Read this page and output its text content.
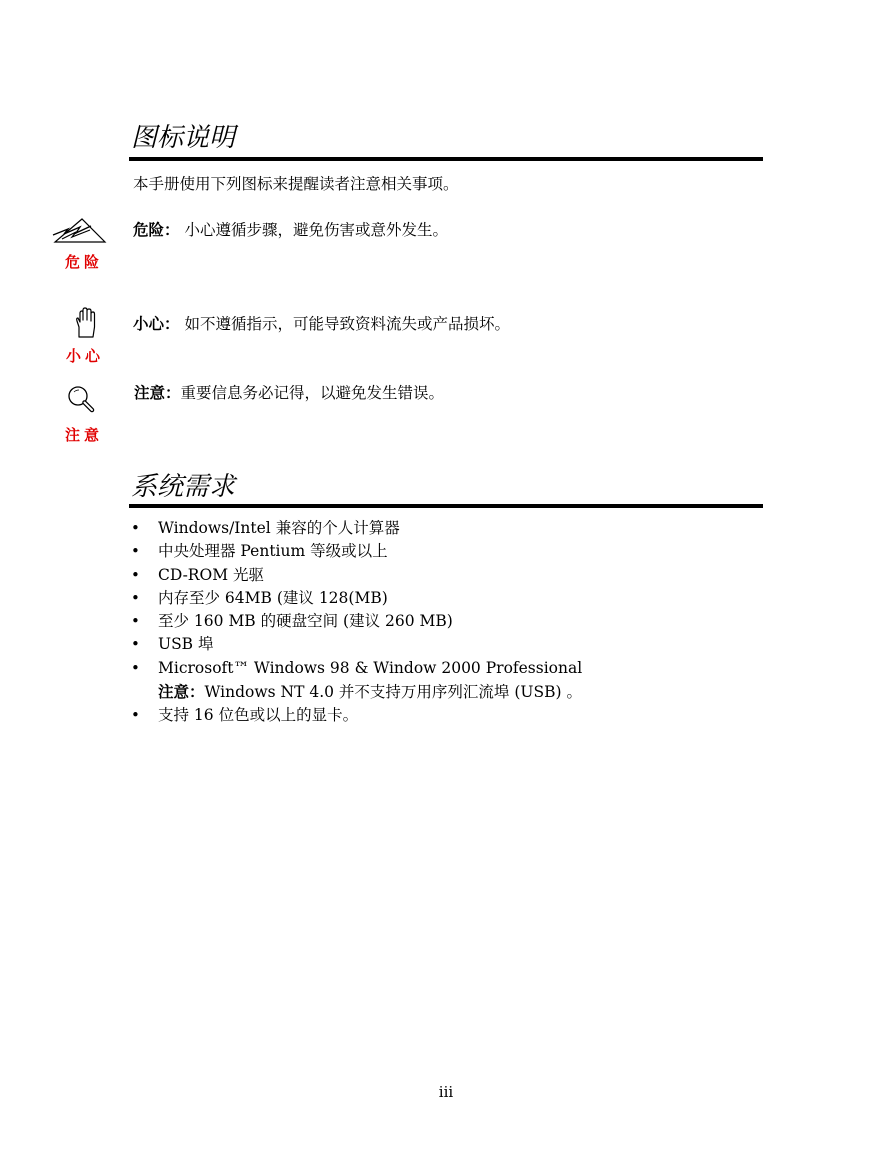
图标说明
本手册使用下列图标来提醒读者注意相关事项。
危险
危险： 小心遵循步骤，避免伤害或意外发生。
小心
小心： 如不遵循指示，可能导致资料流失或产品损坏。
注意
注意：重要信息务必记得，以避免发生错误。
系统需求
• Windows/Intel 兼容的个人计算器
• 中央处理器 Pentium 等级或以上
• CD-ROM 光驱
• 内存至少 64MB (建议 128(MB)
• 至少 160 MB 的硬盘空间 (建议 260 MB)
• USB 埠
• Microsoft™ Windows 98 & Window 2000 Professional
注意：Windows NT 4.0 并不支持万用序列汇流埠 (USB) 。
• 支持 16 位色或以上的显卡。
iii
